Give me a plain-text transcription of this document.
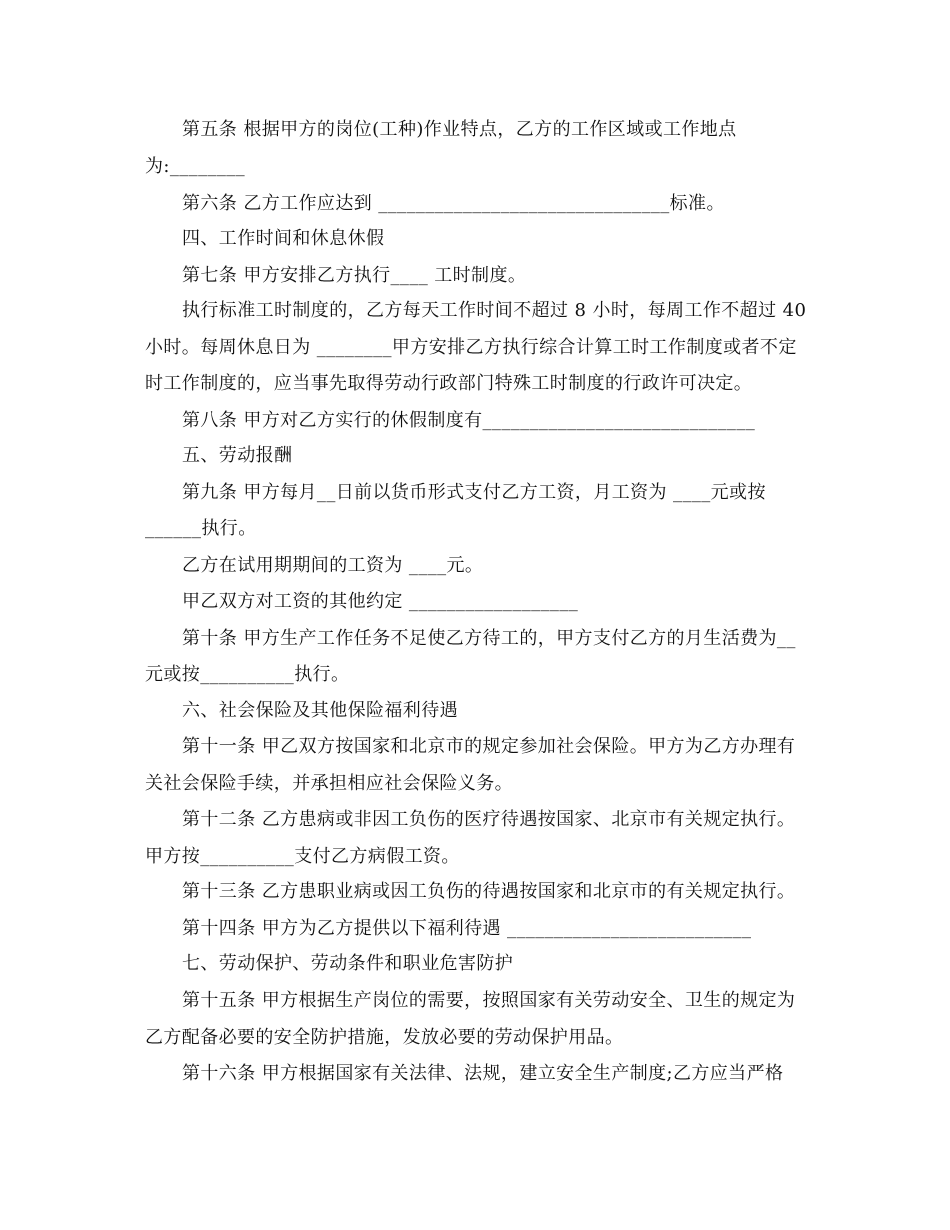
第五条 根据甲方的岗位(工种)作业特点，乙方的工作区域或工作地点
为:________
第六条 乙方工作应达到 _______________________________标准。
四、工作时间和休息休假
第七条 甲方安排乙方执行____ 工时制度。
执行标准工时制度的，乙方每天工作时间不超过 8 小时，每周工作不超过 40
小时。每周休息日为 ________甲方安排乙方执行综合计算工时工作制度或者不定
时工作制度的，应当事先取得劳动行政部门特殊工时制度的行政许可决定。
第八条 甲方对乙方实行的休假制度有_____________________________
五、劳动报酬
第九条 甲方每月__日前以货币形式支付乙方工资，月工资为 ____元或按
______执行。
乙方在试用期期间的工资为 ____元。
甲乙双方对工资的其他约定 __________________
第十条 甲方生产工作任务不足使乙方待工的，甲方支付乙方的月生活费为__
元或按__________执行。
六、社会保险及其他保险福利待遇
第十一条 甲乙双方按国家和北京市的规定参加社会保险。甲方为乙方办理有
关社会保险手续，并承担相应社会保险义务。
第十二条 乙方患病或非因工负伤的医疗待遇按国家、北京市有关规定执行。
甲方按__________支付乙方病假工资。
第十三条 乙方患职业病或因工负伤的待遇按国家和北京市的有关规定执行。
第十四条 甲方为乙方提供以下福利待遇 __________________________
七、劳动保护、劳动条件和职业危害防护
第十五条 甲方根据生产岗位的需要，按照国家有关劳动安全、卫生的规定为
乙方配备必要的安全防护措施，发放必要的劳动保护用品。
第十六条 甲方根据国家有关法律、法规，建立安全生产制度;乙方应当严格
